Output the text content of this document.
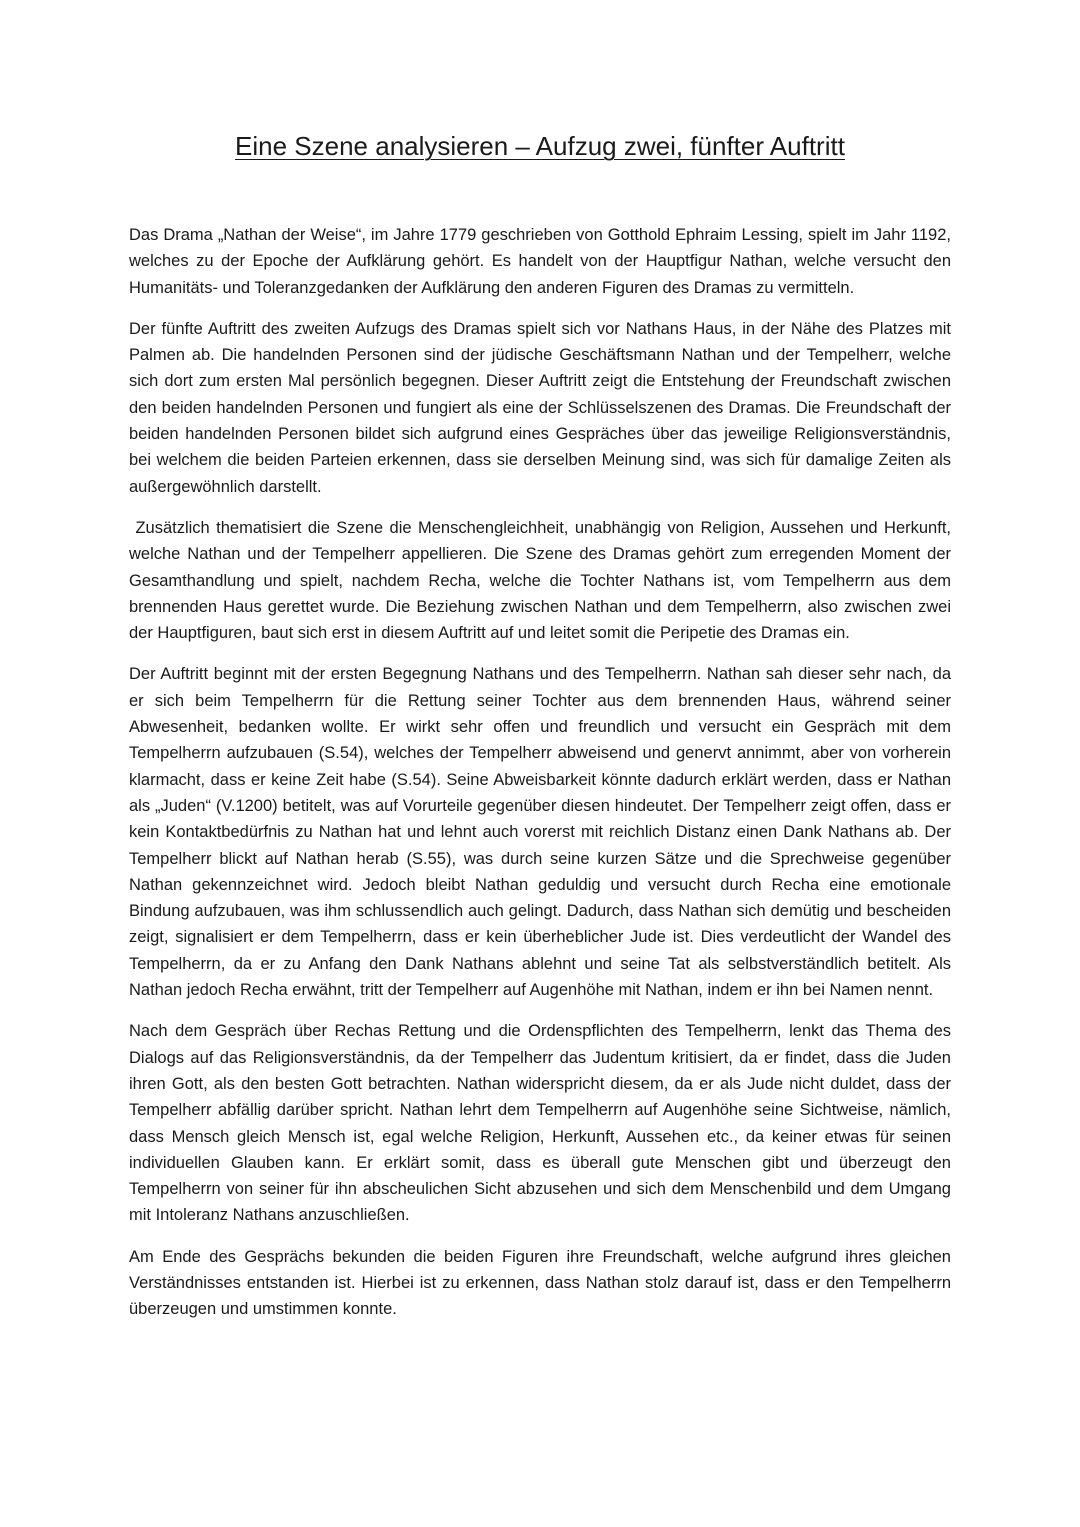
Eine Szene analysieren – Aufzug zwei, fünfter Auftritt

Das Drama „Nathan der Weise“, im Jahre 1779 geschrieben von Gotthold Ephraim Lessing, spielt im Jahr 1192, welches zu der Epoche der Aufklärung gehört. Es handelt von der Hauptfigur Nathan, welche versucht den Humanitäts- und Toleranzgedanken der Aufklärung den anderen Figuren des Dramas zu vermitteln.

Der fünfte Auftritt des zweiten Aufzugs des Dramas spielt sich vor Nathans Haus, in der Nähe des Platzes mit Palmen ab. Die handelnden Personen sind der jüdische Geschäftsmann Nathan und der Tempelherr, welche sich dort zum ersten Mal persönlich begegnen. Dieser Auftritt zeigt die Entstehung der Freundschaft zwischen den beiden handelnden Personen und fungiert als eine der Schlüsselszenen des Dramas. Die Freundschaft der beiden handelnden Personen bildet sich aufgrund eines Gespräches über das jeweilige Religionsverständnis, bei welchem die beiden Parteien erkennen, dass sie derselben Meinung sind, was sich für damalige Zeiten als außergewöhnlich darstellt.

Zusätzlich thematisiert die Szene die Menschengleichheit, unabhängig von Religion, Aussehen und Herkunft, welche Nathan und der Tempelherr appellieren. Die Szene des Dramas gehört zum erregenden Moment der Gesamthandlung und spielt, nachdem Recha, welche die Tochter Nathans ist, vom Tempelherrn aus dem brennenden Haus gerettet wurde. Die Beziehung zwischen Nathan und dem Tempelherrn, also zwischen zwei der Hauptfiguren, baut sich erst in diesem Auftritt auf und leitet somit die Peripetie des Dramas ein.

Der Auftritt beginnt mit der ersten Begegnung Nathans und des Tempelherrn. Nathan sah dieser sehr nach, da er sich beim Tempelherrn für die Rettung seiner Tochter aus dem brennenden Haus, während seiner Abwesenheit, bedanken wollte. Er wirkt sehr offen und freundlich und versucht ein Gespräch mit dem Tempelherrn aufzubauen (S.54), welches der Tempelherr abweisend und genervt annimmt, aber von vorherein klarmacht, dass er keine Zeit habe (S.54). Seine Abweisbarkeit könnte dadurch erklärt werden, dass er Nathan als „Juden“ (V.1200) betitelt, was auf Vorurteile gegenüber diesen hindeutet. Der Tempelherr zeigt offen, dass er kein Kontaktbedürfnis zu Nathan hat und lehnt auch vorerst mit reichlich Distanz einen Dank Nathans ab. Der Tempelherr blickt auf Nathan herab (S.55), was durch seine kurzen Sätze und die Sprechweise gegenüber Nathan gekennzeichnet wird. Jedoch bleibt Nathan geduldig und versucht durch Recha eine emotionale Bindung aufzubauen, was ihm schlussendlich auch gelingt. Dadurch, dass Nathan sich demütig und bescheiden zeigt, signalisiert er dem Tempelherrn, dass er kein überheblicher Jude ist. Dies verdeutlicht der Wandel des Tempelherrn, da er zu Anfang den Dank Nathans ablehnt und seine Tat als selbstverständlich betitelt. Als Nathan jedoch Recha erwähnt, tritt der Tempelherr auf Augenhöhe mit Nathan, indem er ihn bei Namen nennt.

Nach dem Gespräch über Rechas Rettung und die Ordenspflichten des Tempelherrn, lenkt das Thema des Dialogs auf das Religionsverständnis, da der Tempelherr das Judentum kritisiert, da er findet, dass die Juden ihren Gott, als den besten Gott betrachten. Nathan widerspricht diesem, da er als Jude nicht duldet, dass der Tempelherr abfällig darüber spricht. Nathan lehrt dem Tempelherrn auf Augenhöhe seine Sichtweise, nämlich, dass Mensch gleich Mensch ist, egal welche Religion, Herkunft, Aussehen etc., da keiner etwas für seinen individuellen Glauben kann. Er erklärt somit, dass es überall gute Menschen gibt und überzeugt den Tempelherrn von seiner für ihn abscheulichen Sicht abzusehen und sich dem Menschenbild und dem Umgang mit Intoleranz Nathans anzuschließen.

Am Ende des Gesprächs bekunden die beiden Figuren ihre Freundschaft, welche aufgrund ihres gleichen Verständnisses entstanden ist. Hierbei ist zu erkennen, dass Nathan stolz darauf ist, dass er den Tempelherrn überzeugen und umstimmen konnte.
